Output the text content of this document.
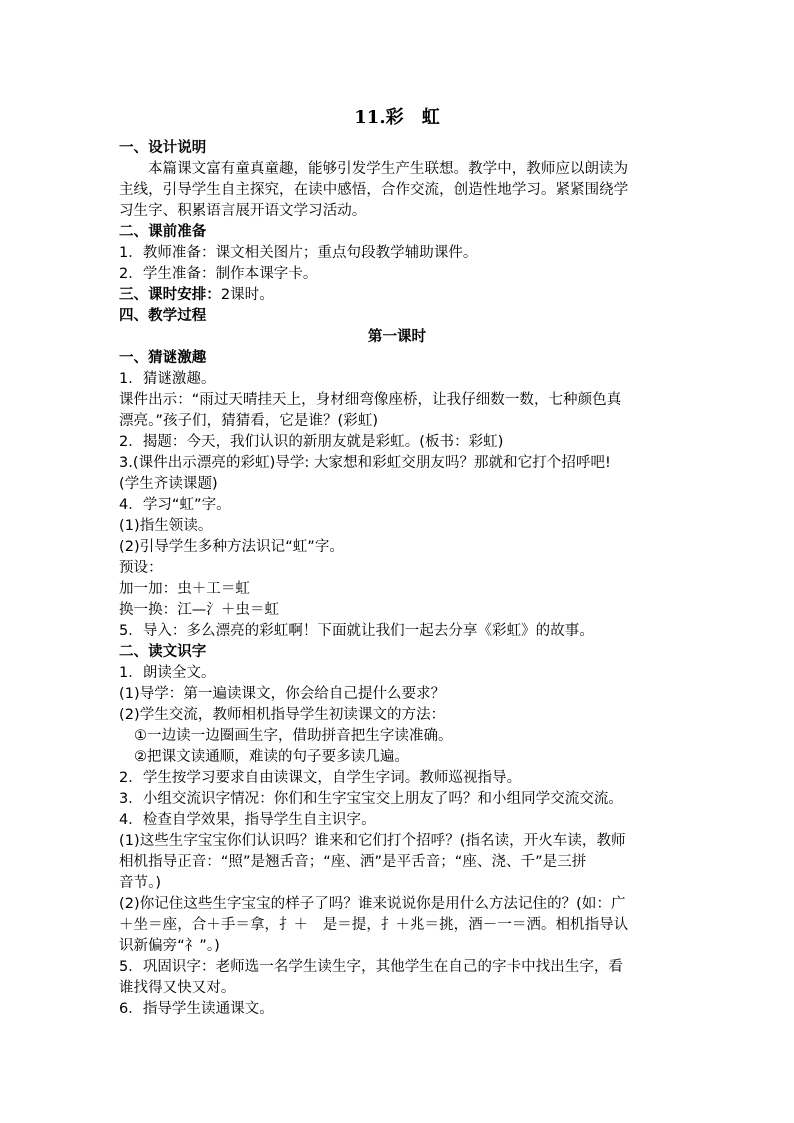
11.彩　虹
一、设计说明
本篇课文富有童真童趣，能够引发学生产生联想。教学中，教师应以朗读为
主线，引导学生自主探究，在读中感悟，合作交流，创造性地学习。紧紧围绕学
习生字、积累语言展开语文学习活动。
二、课前准备
1．教师准备：课文相关图片；重点句段教学辅助课件。
2．学生准备：制作本课字卡。
三、课时安排：2课时。
四、教学过程
第一课时
一、猜谜激趣
1．猜谜激趣。
课件出示：“雨过天晴挂天上，身材细弯像座桥，让我仔细数一数，七种颜色真
漂亮。”孩子们，猜猜看，它是谁？(彩虹)
2．揭题：今天，我们认识的新朋友就是彩虹。(板书：彩虹)
3.(课件出示漂亮的彩虹)导学: 大家想和彩虹交朋友吗？那就和它打个招呼吧!
(学生齐读课题)
4．学习“虹”字。
(1)指生领读。
(2)引导学生多种方法识记“虹”字。
预设：
加一加：虫＋工＝虹
换一换：江—氵＋虫＝虹
5．导入：多么漂亮的彩虹啊！下面就让我们一起去分享《彩虹》的故事。
二、读文识字
1．朗读全文。
(1)导学：第一遍读课文，你会给自己提什么要求？
(2)学生交流，教师相机指导学生初读课文的方法：
①一边读一边圈画生字，借助拼音把生字读准确。
②把课文读通顺，难读的句子要多读几遍。
2．学生按学习要求自由读课文，自学生字词。教师巡视指导。
3．小组交流识字情况：你们和生字宝宝交上朋友了吗？和小组同学交流交流。
4．检查自学效果，指导学生自主识字。
(1)这些生字宝宝你们认识吗？谁来和它们打个招呼？(指名读，开火车读，教师
相机指导正音：“照”是翘舌音；“座、洒”是平舌音；“座、浇、千”是三拼
音节。)
(2)你记住这些生字宝宝的样子了吗？谁来说说你是用什么方法记住的？(如：广
＋坐＝座，合＋手＝拿，扌＋　是＝提，扌＋兆＝挑，酒－一＝洒。相机指导认
识新偏旁“礻”。)
5．巩固识字：老师选一名学生读生字，其他学生在自己的字卡中找出生字，看
谁找得又快又对。
6．指导学生读通课文。
